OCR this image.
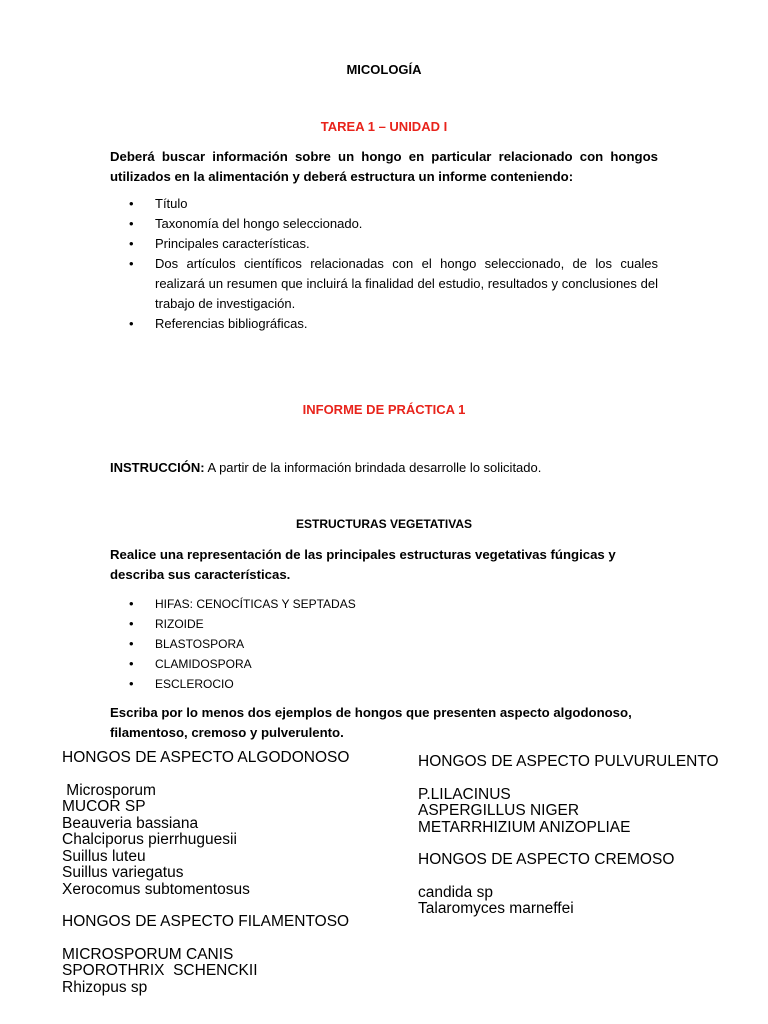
MICOLOGÍA
TAREA 1 – UNIDAD I
Deberá buscar información sobre un hongo en particular relacionado con hongos utilizados en la alimentación y deberá estructura un informe conteniendo:
• Título
• Taxonomía del hongo seleccionado.
• Principales características.
• Dos artículos científicos relacionadas con el hongo seleccionado, de los cuales realizará un resumen que incluirá la finalidad del estudio, resultados y conclusiones del trabajo de investigación.
• Referencias bibliográficas.
INFORME DE PRÁCTICA 1
INSTRUCCIÓN: A partir de la información brindada desarrolle lo solicitado.
ESTRUCTURAS VEGETATIVAS
Realice una representación de las principales estructuras vegetativas fúngicas y describa sus características.
• HIFAS: CENOCÍTICAS Y SEPTADAS
• RIZOIDE
• BLASTOSPORA
• CLAMIDOSPORA
• ESCLEROCIO
Escriba por lo menos dos ejemplos de hongos que presenten aspecto algodonoso, filamentoso, cremoso y pulverulento.
HONGOS DE ASPECTO ALGODONOSO
Microsporum
MUCOR SP
Beauveria bassiana
Chalciporus pierrhuguesii
Suillus luteu
Suillus variegatus
Xerocomus subtomentosus
HONGOS DE ASPECTO FILAMENTOSO
MICROSPORUM CANIS
SPOROTHRIX  SCHENCKII
Rhizopus sp
HONGOS DE ASPECTO PULVURULENTO
P.LILACINUS
ASPERGILLUS NIGER
METARRHIZIUM ANIZOPLIAE
HONGOS DE ASPECTO CREMOSO
candida sp
Talaromyces marneffei
